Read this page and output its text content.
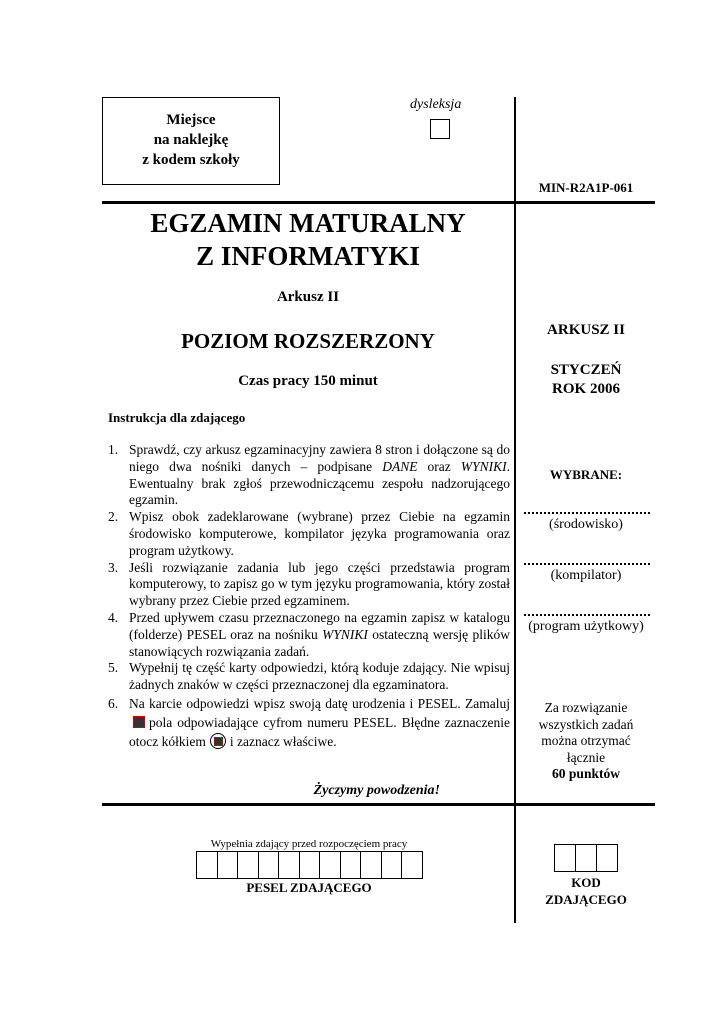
Miejsce
na naklejkę
z kodem szkoły
dysleksja
MIN-R2A1P-061
EGZAMIN MATURALNY
Z INFORMATYKI
Arkusz II
POZIOM ROZSZERZONY
Czas pracy 150 minut
Instrukcja dla zdającego
1. Sprawdź, czy arkusz egzaminacyjny zawiera 8 stron i dołączone są do niego dwa nośniki danych – podpisane DANE oraz WYNIKI. Ewentualny brak zgłoś przewodniczącemu zespołu nadzorującego egzamin.
2. Wpisz obok zadeklarowane (wybrane) przez Ciebie na egzamin środowisko komputerowe, kompilator języka programowania oraz program użytkowy.
3. Jeśli rozwiązanie zadania lub jego części przedstawia program komputerowy, to zapisz go w tym języku programowania, który został wybrany przez Ciebie przed egzaminem.
4. Przed upływem czasu przeznaczonego na egzamin zapisz w katalogu (folderze) PESEL oraz na nośniku WYNIKI ostateczną wersję plików stanowiących rozwiązania zadań.
5. Wypełnij tę część karty odpowiedzi, którą koduje zdający. Nie wpisuj żadnych znaków w części przeznaczonej dla egzaminatora.
6. Na karcie odpowiedzi wpisz swoją datę urodzenia i PESEL. Zamalujpola odpowiadające cyfrom numeru PESEL. Błędne zaznaczenie otocz kółkiem i zaznacz właściwe.
Życzymy powodzenia!
ARKUSZ II
STYCZEŃ
ROK 2006
WYBRANE:
(środowisko)
(kompilator)
(program użytkowy)
Za rozwiązanie
wszystkich zadań
można otrzymać
łącznie
60 punktów
Wypełnia zdający przed rozpoczęciem pracy
PESEL ZDAJĄCEGO	KOD
ZDAJĄCEGO
